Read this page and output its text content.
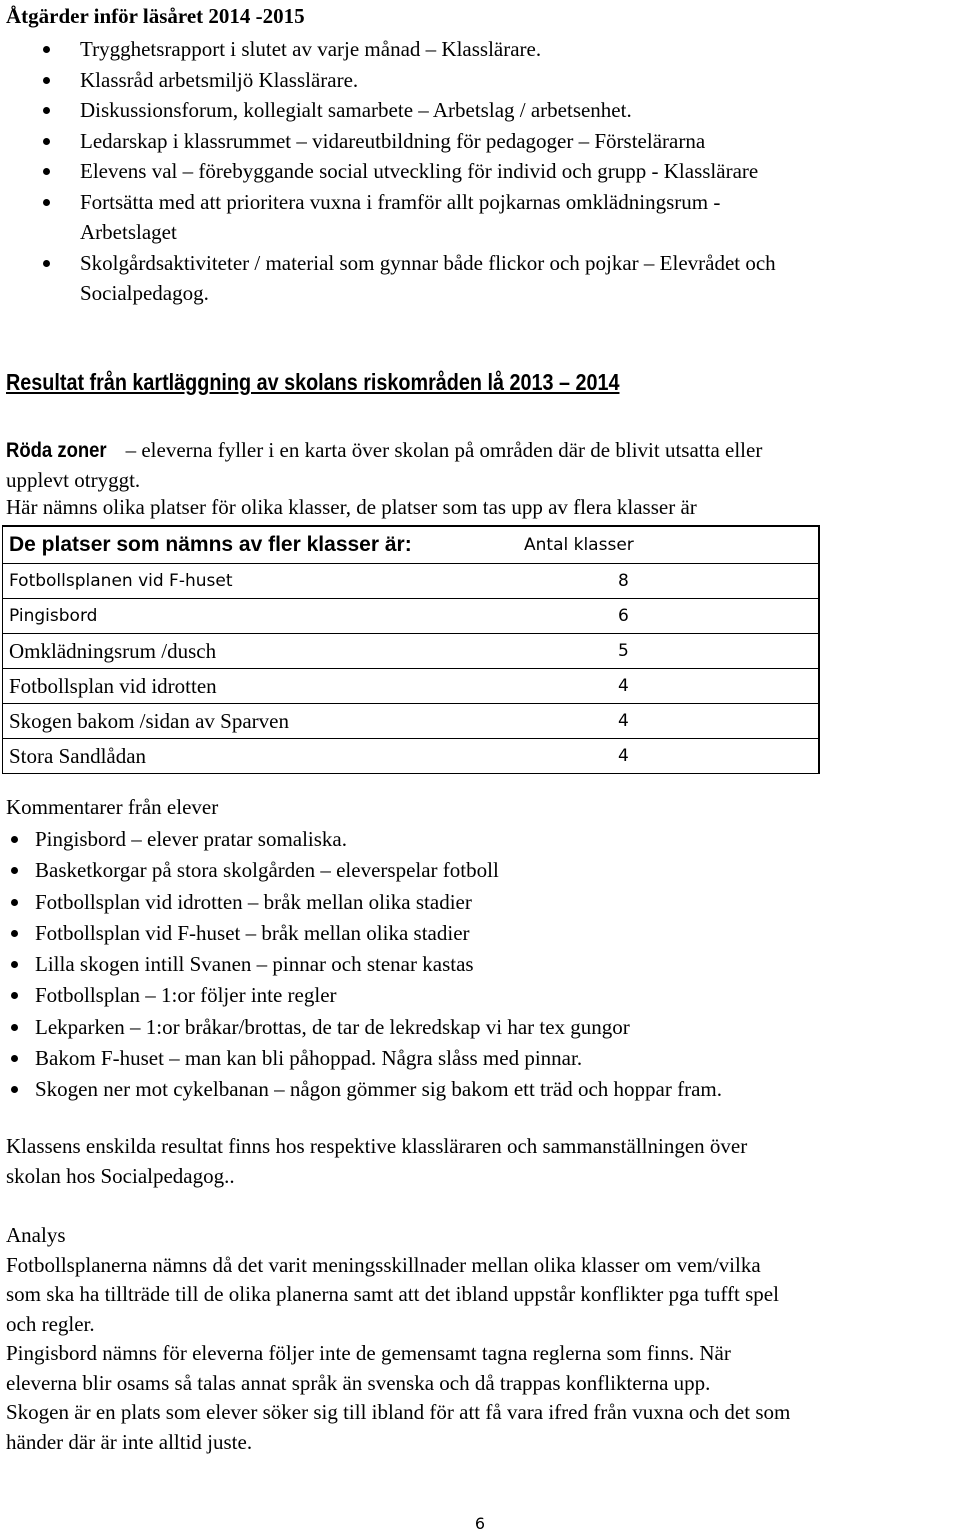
Åtgärder inför läsåret 2014 -2015
Trygghetsrapport i slutet av varje månad – Klasslärare.
Klassråd arbetsmiljö Klasslärare.
Diskussionsforum, kollegialt samarbete – Arbetslag / arbetsenhet.
Ledarskap i klassrummet – vidareutbildning för pedagoger – Förstelärarna
Elevens val – förebyggande social utveckling för individ och grupp - Klasslärare
Fortsätta med att prioritera vuxna i framför allt pojkarnas omklädningsrum -
Arbetslaget
Skolgårdsaktiviteter / material som gynnar både flickor och pojkar – Elevrådet och
Socialpedagog.
Resultat från kartläggning av skolans riskområden lå 2013 – 2014
Röda zoner – eleverna fyller i en karta över skolan på områden där de blivit utsatta eller
upplevt otryggt.
Här nämns olika platser för olika klasser, de platser som tas upp av flera klasser är
De platser som nämns av fler klasser är:	Antal klasser
Fotbollsplanen vid F-huset	8
Pingisbord	6
Omklädningsrum /dusch	5
Fotbollsplan vid idrotten	4
Skogen bakom /sidan av Sparven	4
Stora Sandlådan	4
Kommentarer från elever
Pingisbord – elever pratar somaliska.
Basketkorgar på stora skolgården – eleverspelar fotboll
Fotbollsplan vid idrotten – bråk mellan olika stadier
Fotbollsplan vid F-huset – bråk mellan olika stadier
Lilla skogen intill Svanen – pinnar och stenar kastas
Fotbollsplan – 1:or följer inte regler
Lekparken – 1:or bråkar/brottas, de tar de lekredskap vi har tex gungor
Bakom F-huset – man kan bli påhoppad. Några slåss med pinnar.
Skogen ner mot cykelbanan – någon gömmer sig bakom ett träd och hoppar fram.
Klassens enskilda resultat finns hos respektive klassläraren och sammanställningen över
skolan hos Socialpedagog..
Analys
Fotbollsplanerna nämns då det varit meningsskillnader mellan olika klasser om vem/vilka
som ska ha tillträde till de olika planerna samt att det ibland uppstår konflikter pga tufft spel
och regler.
Pingisbord nämns för eleverna följer inte de gemensamt tagna reglerna som finns. När
eleverna blir osams så talas annat språk än svenska och då trappas konflikterna upp.
Skogen är en plats som elever söker sig till ibland för att få vara ifred från vuxna och det som
händer där är inte alltid juste.
6
